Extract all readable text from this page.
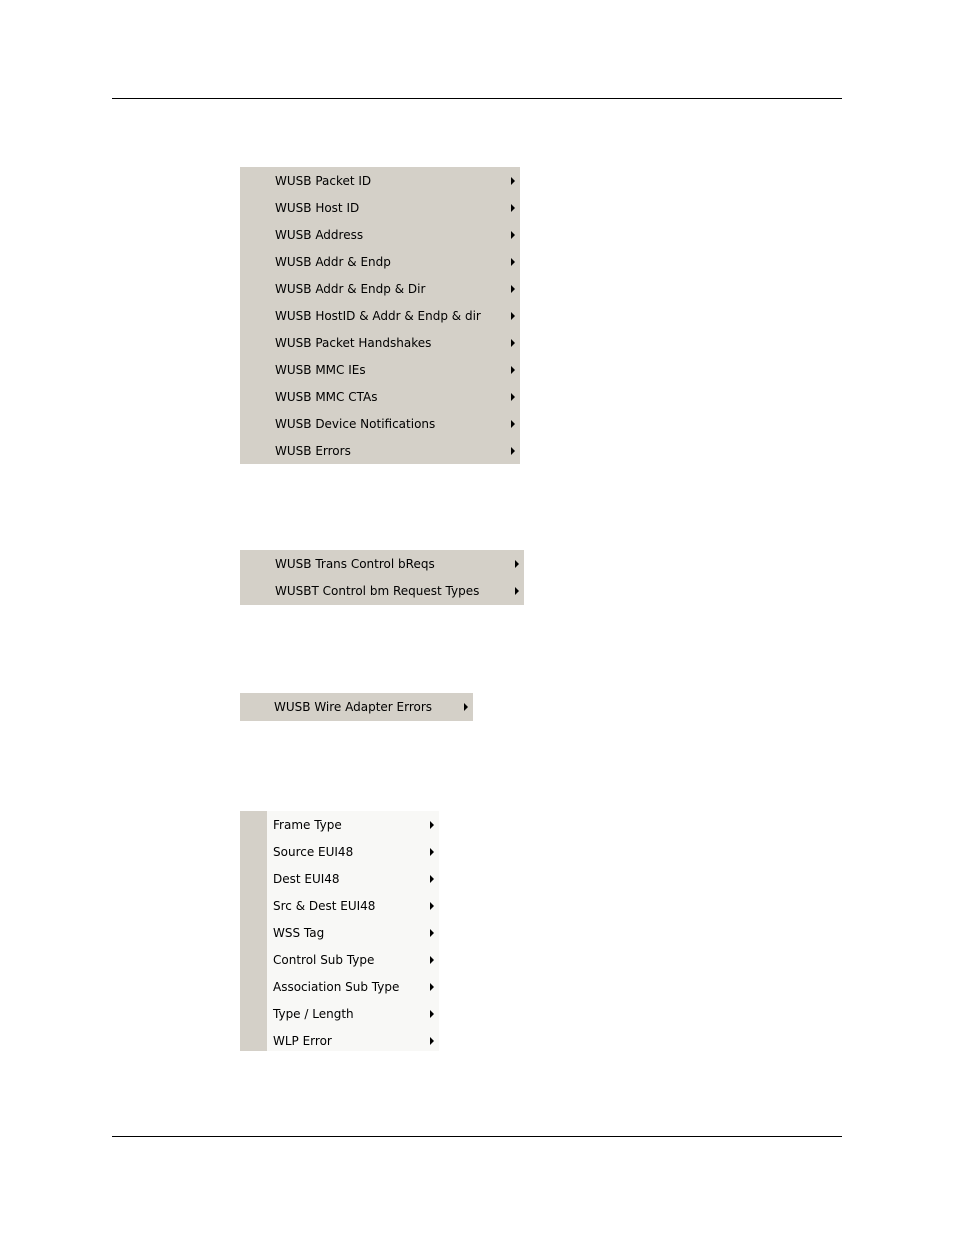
WUSB Packet ID
WUSB Host ID
WUSB Address
WUSB Addr & Endp
WUSB Addr & Endp & Dir
WUSB HostID & Addr & Endp & dir
WUSB Packet Handshakes
WUSB MMC IEs
WUSB MMC CTAs
WUSB Device Notifications
WUSB Errors
WUSB Trans Control bReqs
WUSBT Control bm Request Types
WUSB Wire Adapter Errors
Frame Type
Source EUI48
Dest EUI48
Src & Dest EUI48
WSS Tag
Control Sub Type
Association Sub Type
Type / Length
WLP Error
